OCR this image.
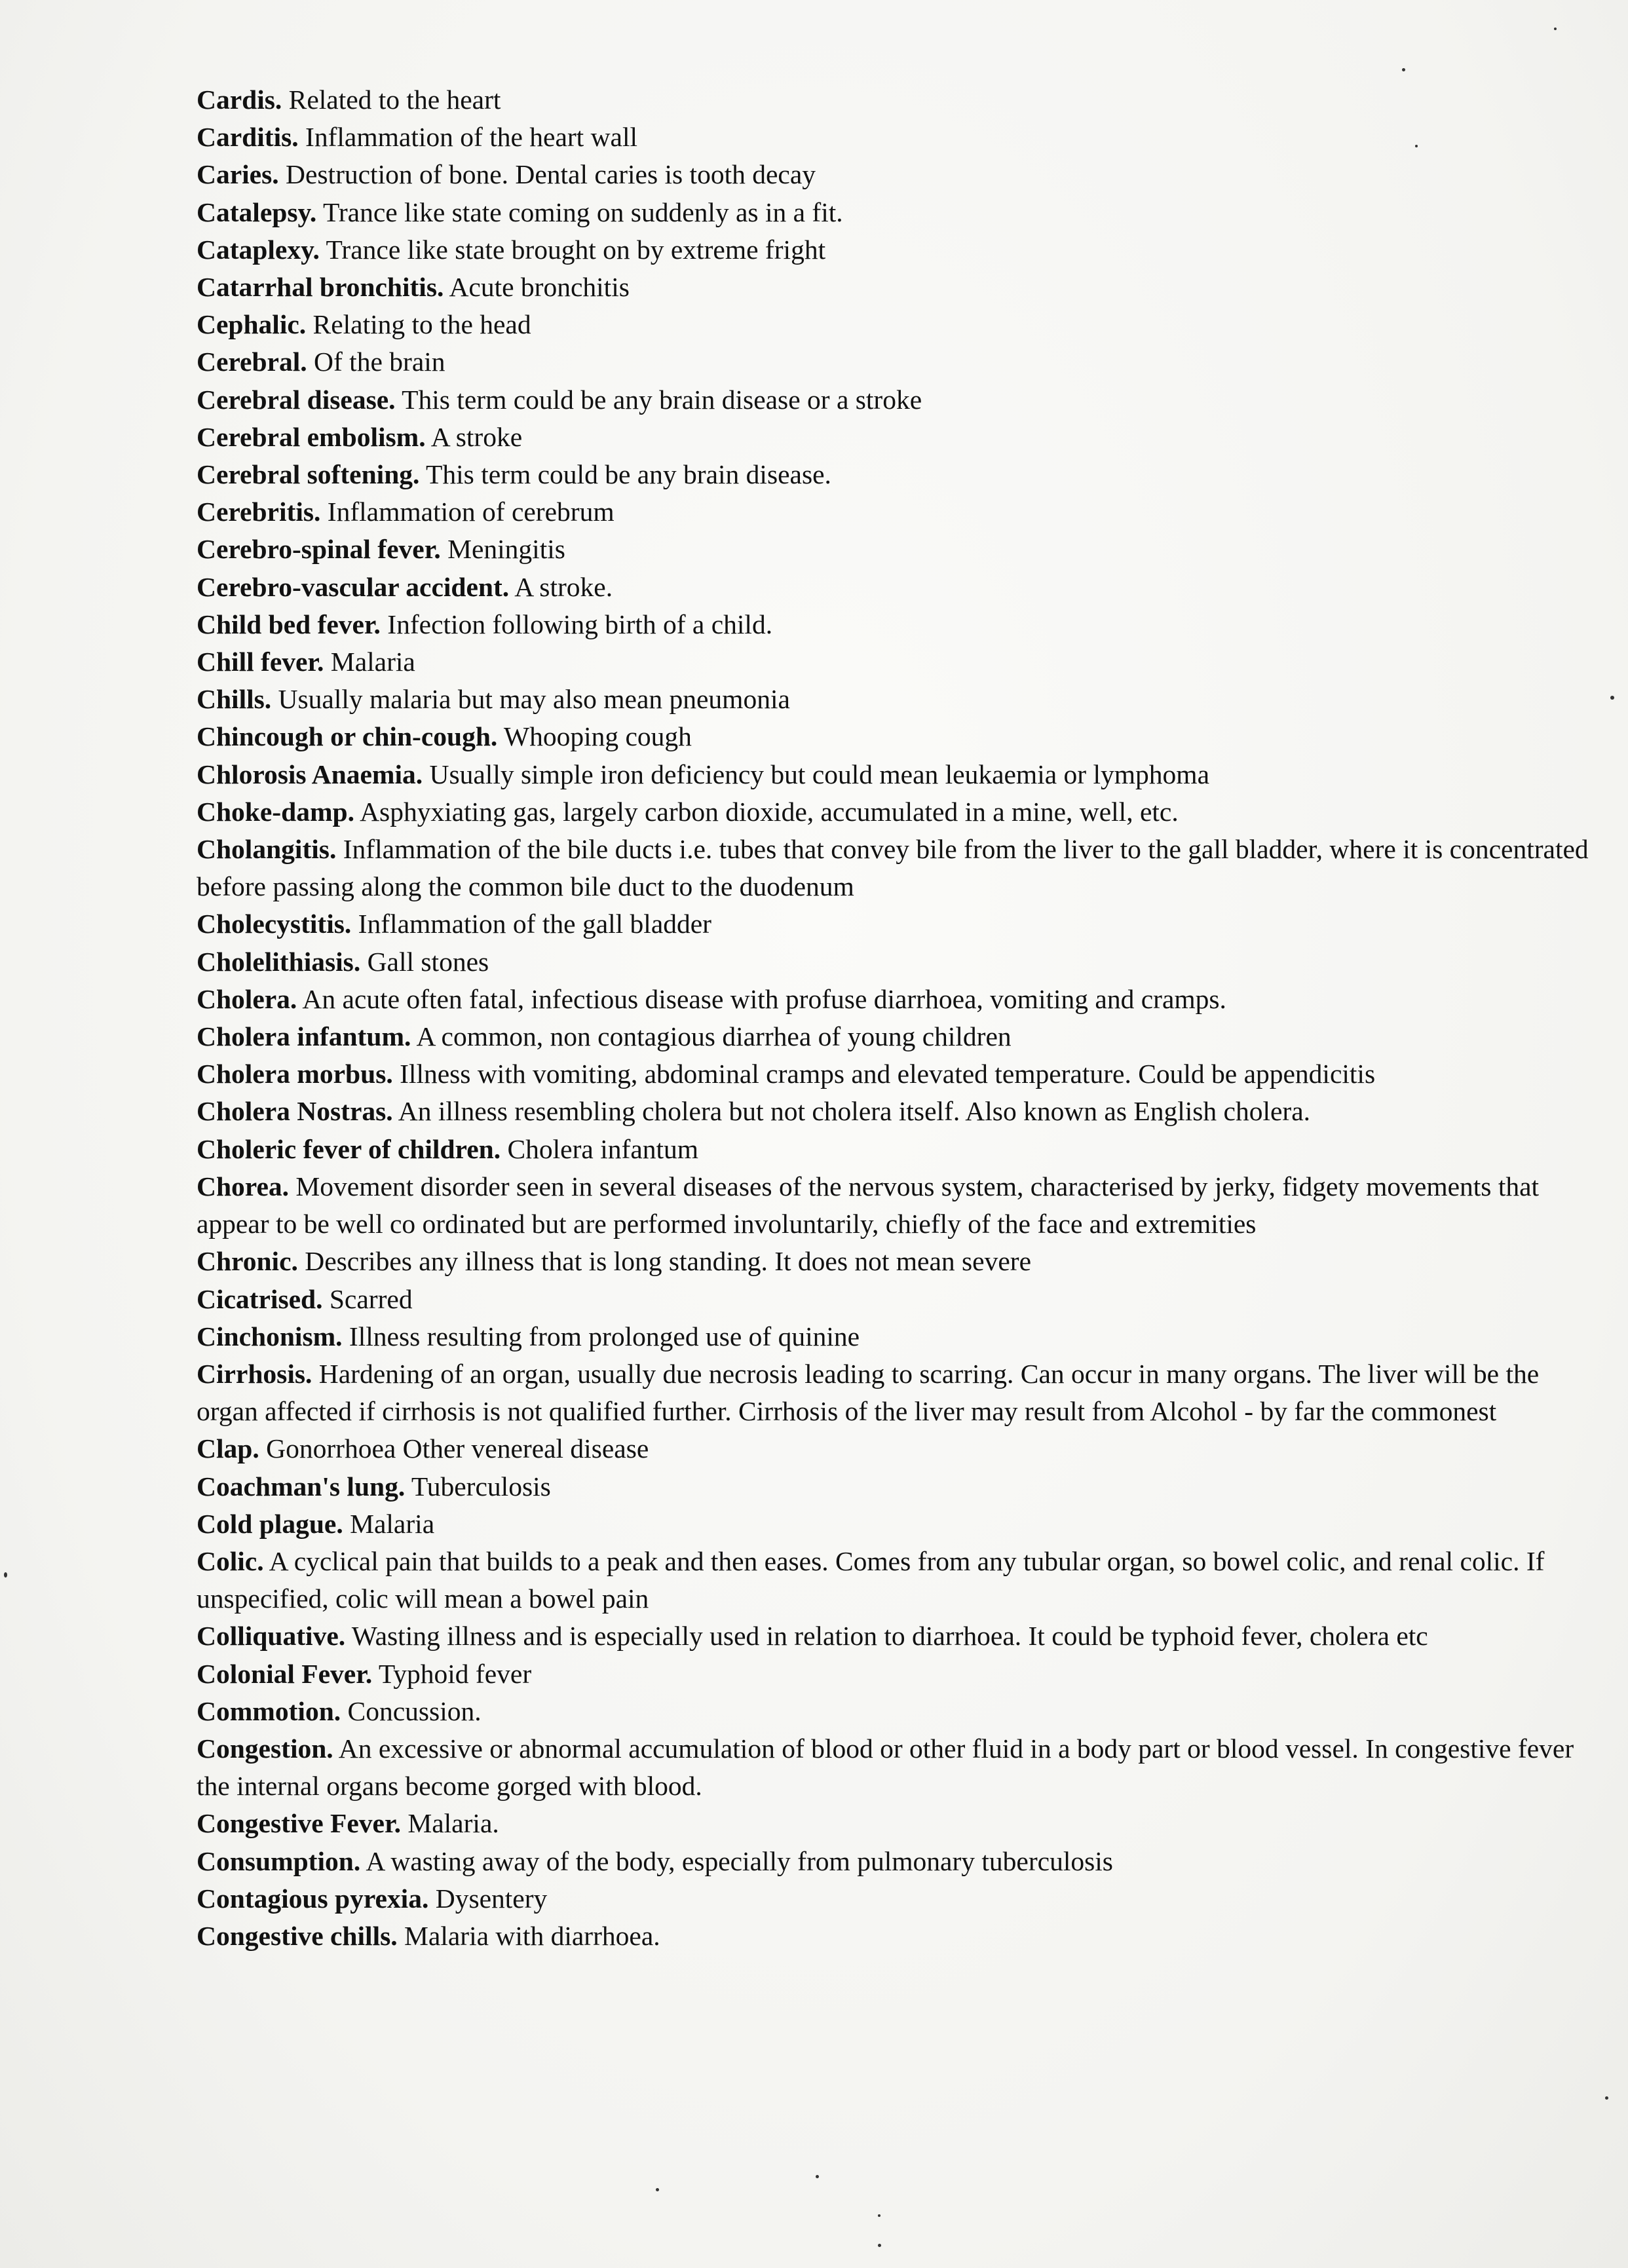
Cardis. Related to the heart

Carditis. Inflammation of the heart wall

Caries. Destruction of bone. Dental caries is tooth decay

Catalepsy. Trance like state coming on suddenly as in a fit.

Cataplexy. Trance like state brought on by extreme fright

Catarrhal bronchitis. Acute bronchitis

Cephalic. Relating to the head

Cerebral. Of the brain

Cerebral disease. This term could be any brain disease or a stroke

Cerebral embolism. A stroke

Cerebral softening. This term could be any brain disease.

Cerebritis. Inflammation of cerebrum

Cerebro-spinal fever. Meningitis

Cerebro-vascular accident. A stroke.

Child bed fever. Infection following birth of a child.

Chill fever. Malaria

Chills. Usually malaria but may also mean pneumonia

Chincough or chin-cough. Whooping cough

Chlorosis Anaemia. Usually simple iron deficiency but could mean leukaemia or lymphoma

Choke-damp. Asphyxiating gas, largely carbon dioxide, accumulated in a mine, well, etc.

Cholangitis. Inflammation of the bile ducts i.e. tubes that convey bile from the liver to the gall bladder, where it is concentrated before passing along the common bile duct to the duodenum

Cholecystitis. Inflammation of the gall bladder

Cholelithiasis. Gall stones

Cholera. An acute often fatal, infectious disease with profuse diarrhoea, vomiting and cramps.

Cholera infantum. A common, non contagious diarrhea of young children

Cholera morbus. Illness with vomiting, abdominal cramps and elevated temperature. Could be appendicitis

Cholera Nostras. An illness resembling cholera but not cholera itself. Also known as English cholera.

Choleric fever of children. Cholera infantum

Chorea. Movement disorder seen in several diseases of the nervous system, characterised by jerky, fidgety movements that appear to be well co ordinated but are performed involuntarily, chiefly of the face and extremities

Chronic. Describes any illness that is long standing. It does not mean severe

Cicatrised. Scarred

Cinchonism. Illness resulting from prolonged use of quinine

Cirrhosis. Hardening of an organ, usually due necrosis leading to scarring. Can occur in many organs. The liver will be the organ affected if cirrhosis is not qualified further. Cirrhosis of the liver may result from Alcohol - by far the commonest

Clap. Gonorrhoea Other venereal disease

Coachman's lung. Tuberculosis

Cold plague. Malaria

Colic. A cyclical pain that builds to a peak and then eases. Comes from any tubular organ, so bowel colic, and renal colic. If unspecified, colic will mean a bowel pain

Colliquative. Wasting illness and is especially used in relation to diarrhoea. It could be typhoid fever, cholera etc

Colonial Fever. Typhoid fever

Commotion. Concussion.

Congestion. An excessive or abnormal accumulation of blood or other fluid in a body part or blood vessel. In congestive fever the internal organs become gorged with blood.

Congestive Fever. Malaria.

Consumption. A wasting away of the body, especially from pulmonary tuberculosis

Contagious pyrexia. Dysentery

Congestive chills. Malaria with diarrhoea.
